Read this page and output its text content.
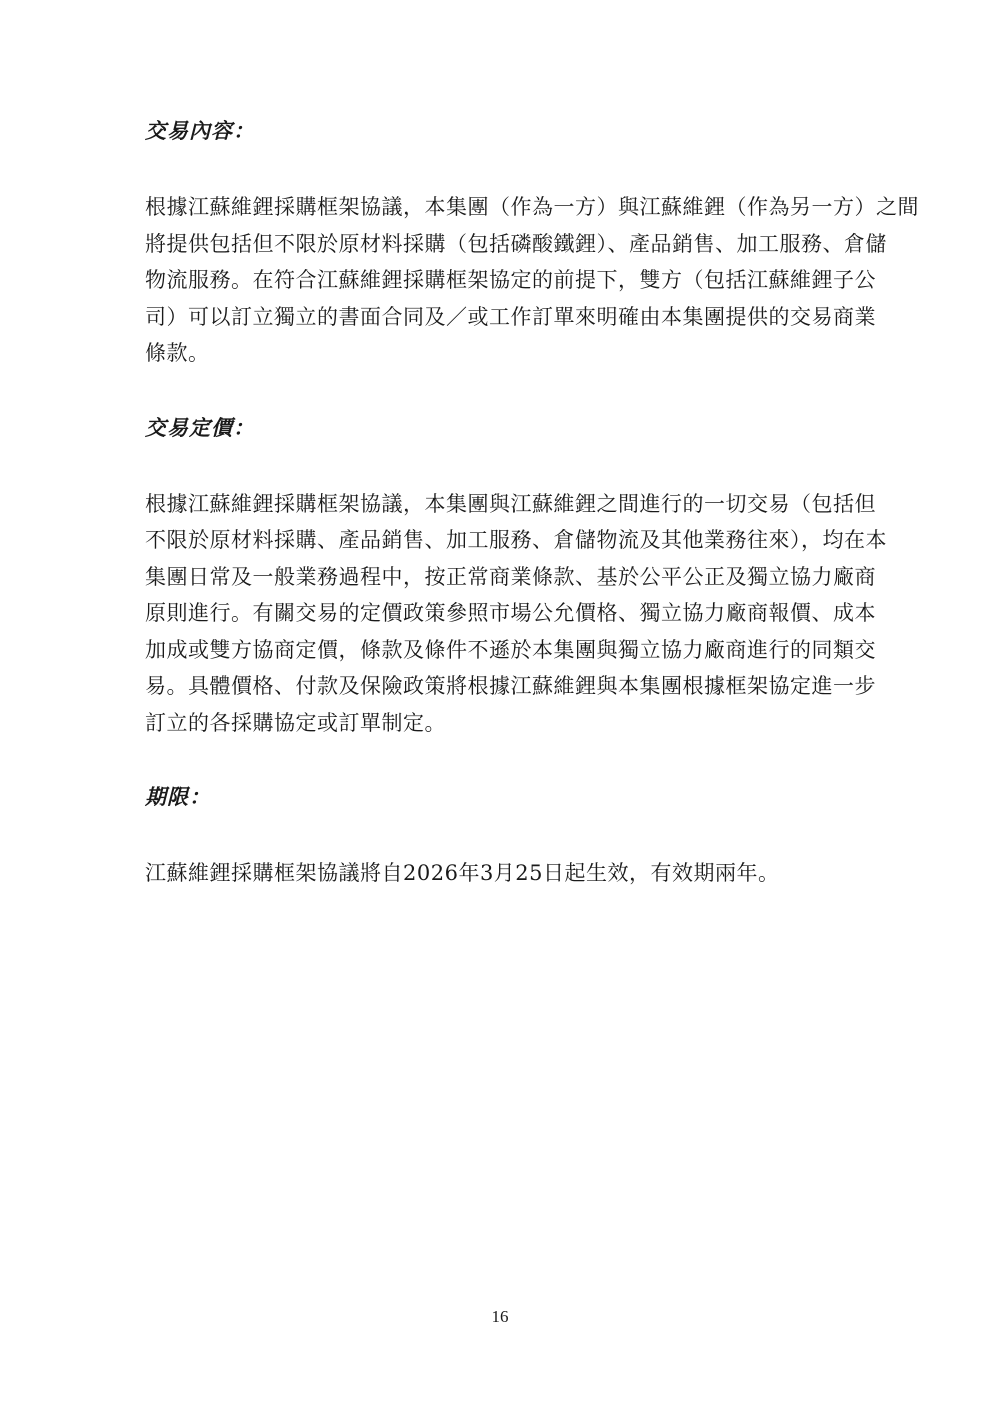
交易內容：

根據江蘇維鋰採購框架協議，本集團（作為一方）與江蘇維鋰（作為另一方）之間
將提供包括但不限於原材料採購（包括磷酸鐵鋰）、產品銷售、加工服務、倉儲
物流服務。在符合江蘇維鋰採購框架協定的前提下，雙方（包括江蘇維鋰子公
司）可以訂立獨立的書面合同及／或工作訂單來明確由本集團提供的交易商業
條款。

交易定價：

根據江蘇維鋰採購框架協議，本集團與江蘇維鋰之間進行的一切交易（包括但
不限於原材料採購、產品銷售、加工服務、倉儲物流及其他業務往來），均在本
集團日常及一般業務過程中，按正常商業條款、基於公平公正及獨立協力廠商
原則進行。有關交易的定價政策參照市場公允價格、獨立協力廠商報價、成本
加成或雙方協商定價，條款及條件不遜於本集團與獨立協力廠商進行的同類交
易。具體價格、付款及保險政策將根據江蘇維鋰與本集團根據框架協定進一步
訂立的各採購協定或訂單制定。

期限：

江蘇維鋰採購框架協議將自2026年3月25日起生效，有效期兩年。

16
